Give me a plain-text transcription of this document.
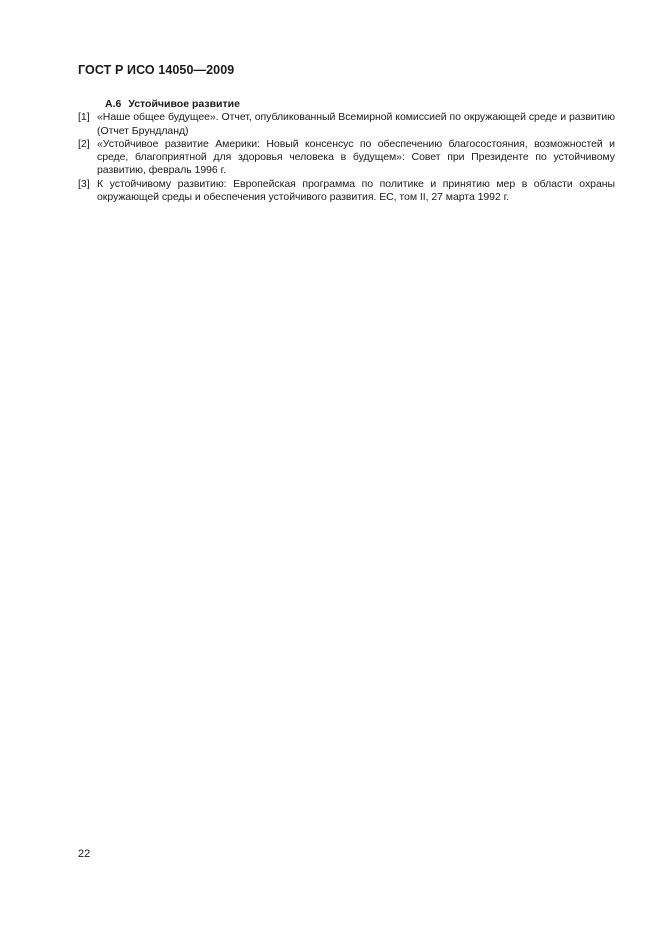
ГОСТ Р ИСО 14050—2009
А.6 Устойчивое развитие
[1] «Наше общее будущее». Отчет, опубликованный Всемирной комиссией по окружающей среде и развитию (Отчет Брундланд)
[2] «Устойчивое развитие Америки: Новый консенсус по обеспечению благосостояния, возможностей и среде, благоприятной для здоровья человека в будущем»: Совет при Президенте по устойчивому развитию, февраль 1996 г.
[3] К устойчивому развитию: Европейская программа по политике и принятию мер в области охраны окружающей среды и обеспечения устойчивого развития. ЕС, том II, 27 марта 1992 г.
22
